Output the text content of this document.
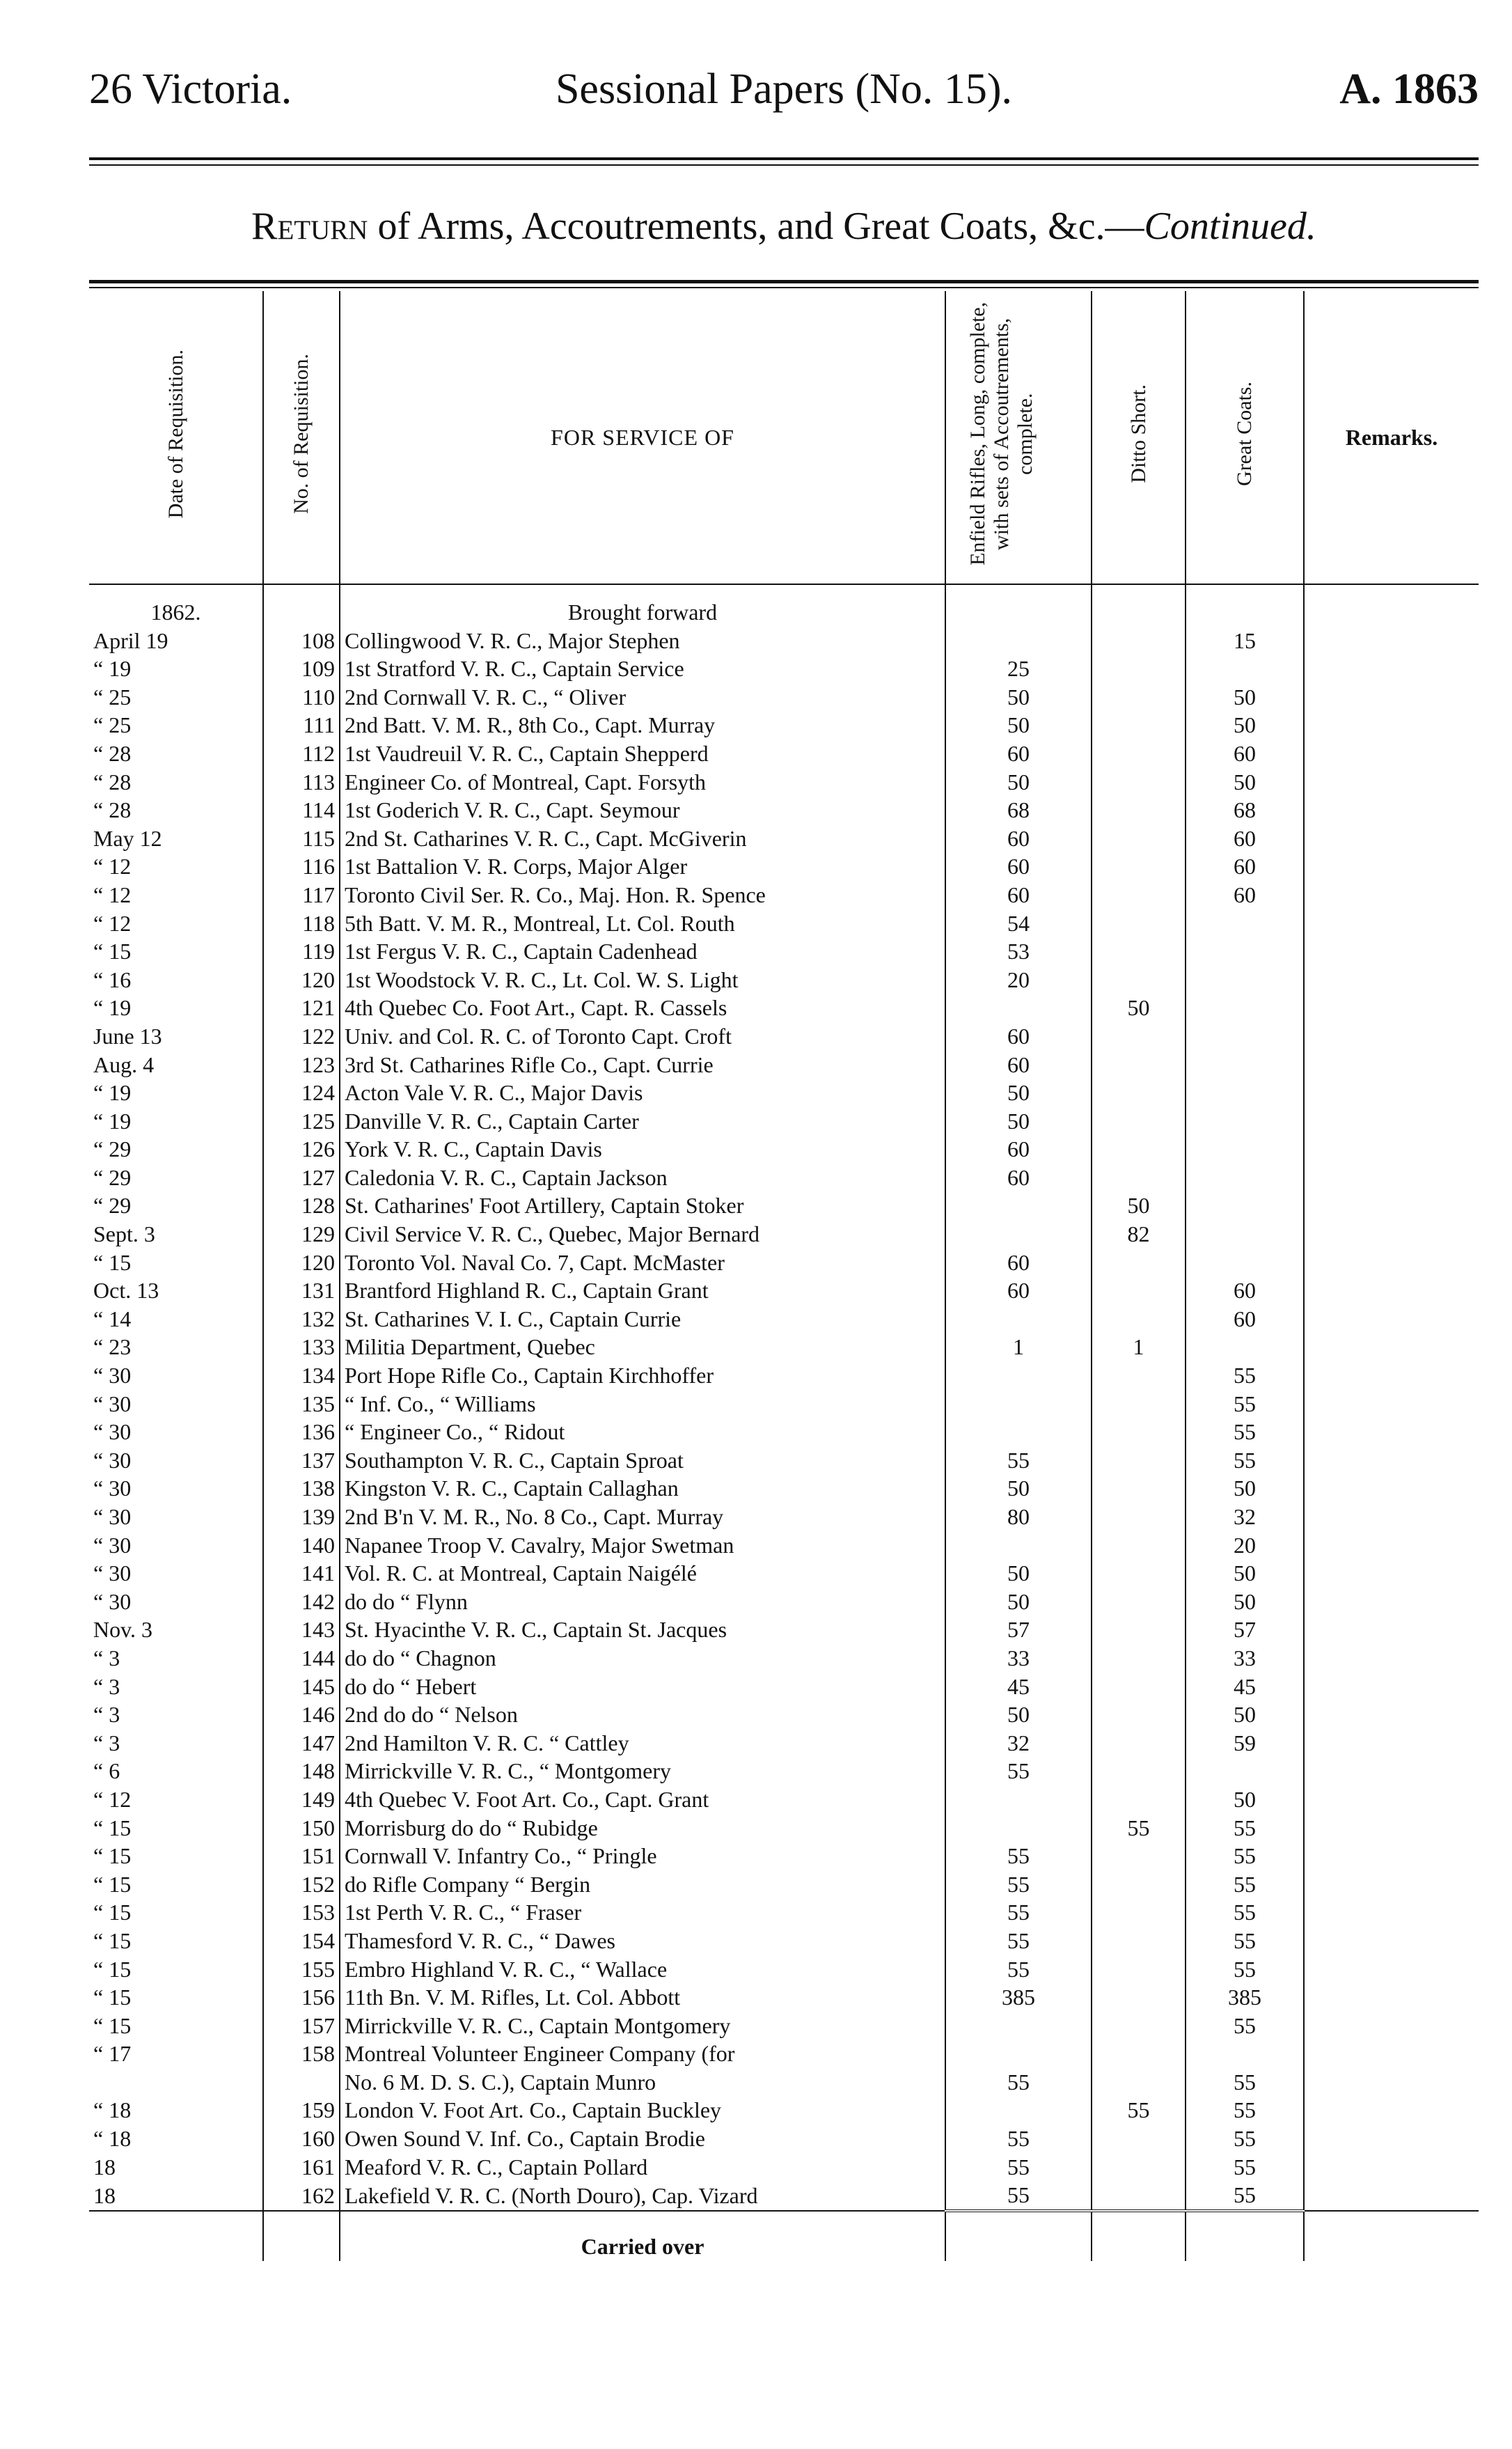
26 Victoria.	Sessional Papers (No. 15).	A. 1863
Return of Arms, Accoutrements, and Great Coats, &c.—Continued.
Date of Requisition.	No. of Requisition.	FOR SERVICE OF	Enfield Rifles, Long, complete, with sets of Accoutrements, complete.	Ditto Short.	Great Coats.	Remarks.
1862.		Brought forward				
April 19	108	Collingwood V. R. C., Major Stephen			15	
“ 19	109	1st Stratford V. R. C., Captain Service	25			
“ 25	110	2nd Cornwall V. R. C., “ Oliver	50		50	
“ 25	111	2nd Batt. V. M. R., 8th Co., Capt. Murray	50		50	
“ 28	112	1st Vaudreuil V. R. C., Captain Shepperd	60		60	
“ 28	113	Engineer Co. of Montreal, Capt. Forsyth	50		50	
“ 28	114	1st Goderich V. R. C., Capt. Seymour	68		68	
May 12	115	2nd St. Catharines V. R. C., Capt. McGiverin	60		60	
“ 12	116	1st Battalion V. R. Corps, Major Alger	60		60	
“ 12	117	Toronto Civil Ser. R. Co., Maj. Hon. R. Spence	60		60	
“ 12	118	5th Batt. V. M. R., Montreal, Lt. Col. Routh	54			
“ 15	119	1st Fergus V. R. C., Captain Cadenhead	53			
“ 16	120	1st Woodstock V. R. C., Lt. Col. W. S. Light	20			
“ 19	121	4th Quebec Co. Foot Art., Capt. R. Cassels		50		
June 13	122	Univ. and Col. R. C. of Toronto Capt. Croft	60			
Aug. 4	123	3rd St. Catharines Rifle Co., Capt. Currie	60			
“ 19	124	Acton Vale V. R. C., Major Davis	50			
“ 19	125	Danville V. R. C., Captain Carter	50			
“ 29	126	York V. R. C., Captain Davis	60			
“ 29	127	Caledonia V. R. C., Captain Jackson	60			
“ 29	128	St. Catharines' Foot Artillery, Captain Stoker		50		
Sept. 3	129	Civil Service V. R. C., Quebec, Major Bernard		82		
“ 15	120	Toronto Vol. Naval Co. 7, Capt. McMaster	60			
Oct. 13	131	Brantford Highland R. C., Captain Grant	60		60	
“ 14	132	St. Catharines V. I. C., Captain Currie			60	
“ 23	133	Militia Department, Quebec	1	1		
“ 30	134	Port Hope Rifle Co., Captain Kirchhoffer			55	
“ 30	135	“ Inf. Co., “ Williams			55	
“ 30	136	“ Engineer Co., “ Ridout			55	
“ 30	137	Southampton V. R. C., Captain Sproat	55		55	
“ 30	138	Kingston V. R. C., Captain Callaghan	50		50	
“ 30	139	2nd B'n V. M. R., No. 8 Co., Capt. Murray	80		32	
“ 30	140	Napanee Troop V. Cavalry, Major Swetman			20	
“ 30	141	Vol. R. C. at Montreal, Captain Naigélé	50		50	
“ 30	142	do do “ Flynn	50		50	
Nov. 3	143	St. Hyacinthe V. R. C., Captain St. Jacques	57		57	
“ 3	144	do do “ Chagnon	33		33	
“ 3	145	do do “ Hebert	45		45	
“ 3	146	2nd do do “ Nelson	50		50	
“ 3	147	2nd Hamilton V. R. C. “ Cattley	32		59	
“ 6	148	Mirrickville V. R. C., “ Montgomery	55			
“ 12	149	4th Quebec V. Foot Art. Co., Capt. Grant			50	
“ 15	150	Morrisburg do do “ Rubidge		55	55	
“ 15	151	Cornwall V. Infantry Co., “ Pringle	55		55	
“ 15	152	do Rifle Company “ Bergin	55		55	
“ 15	153	1st Perth V. R. C., “ Fraser	55		55	
“ 15	154	Thamesford V. R. C., “ Dawes	55		55	
“ 15	155	Embro Highland V. R. C., “ Wallace	55		55	
“ 15	156	11th Bn. V. M. Rifles, Lt. Col. Abbott	385		385	
“ 15	157	Mirrickville V. R. C., Captain Montgomery			55	
“ 17	158	Montreal Volunteer Engineer Company (for				
		No. 6 M. D. S. C.), Captain Munro	55		55	
“ 18	159	London V. Foot Art. Co., Captain Buckley		55	55	
“ 18	160	Owen Sound V. Inf. Co., Captain Brodie	55		55	
18	161	Meaford V. R. C., Captain Pollard	55		55	
18	162	Lakefield V. R. C. (North Douro), Cap. Vizard	55		55	
		Carried over				
